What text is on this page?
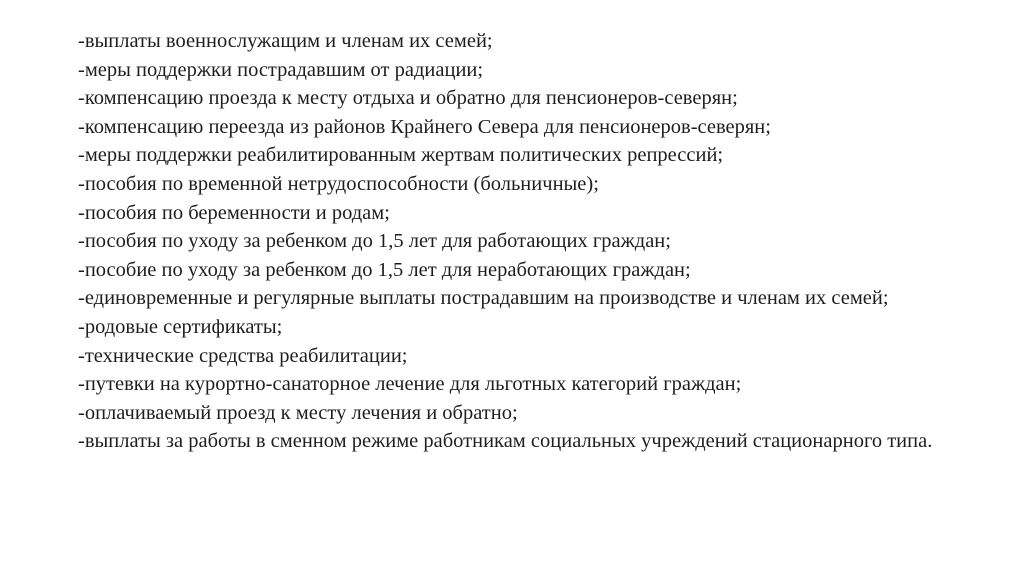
-выплаты военнослужащим и членам их семей;

-меры поддержки пострадавшим от радиации;

-компенсацию проезда к месту отдыха и обратно для пенсионеров-северян;

-компенсацию переезда из районов Крайнего Севера для пенсионеров-северян;

-меры поддержки реабилитированным жертвам политических репрессий;

-пособия по временной нетрудоспособности (больничные);

-пособия по беременности и родам;

-пособия по уходу за ребенком до 1,5 лет для работающих граждан;

-пособие по уходу за ребенком до 1,5 лет для неработающих граждан;

-единовременные и регулярные выплаты пострадавшим на производстве и членам их семей;

-родовые сертификаты;

-технические средства реабилитации;

-путевки на курортно-санаторное лечение для льготных категорий граждан;

-оплачиваемый проезд к месту лечения и обратно;

-выплаты за работы в сменном режиме работникам социальных учреждений стационарного типа.
